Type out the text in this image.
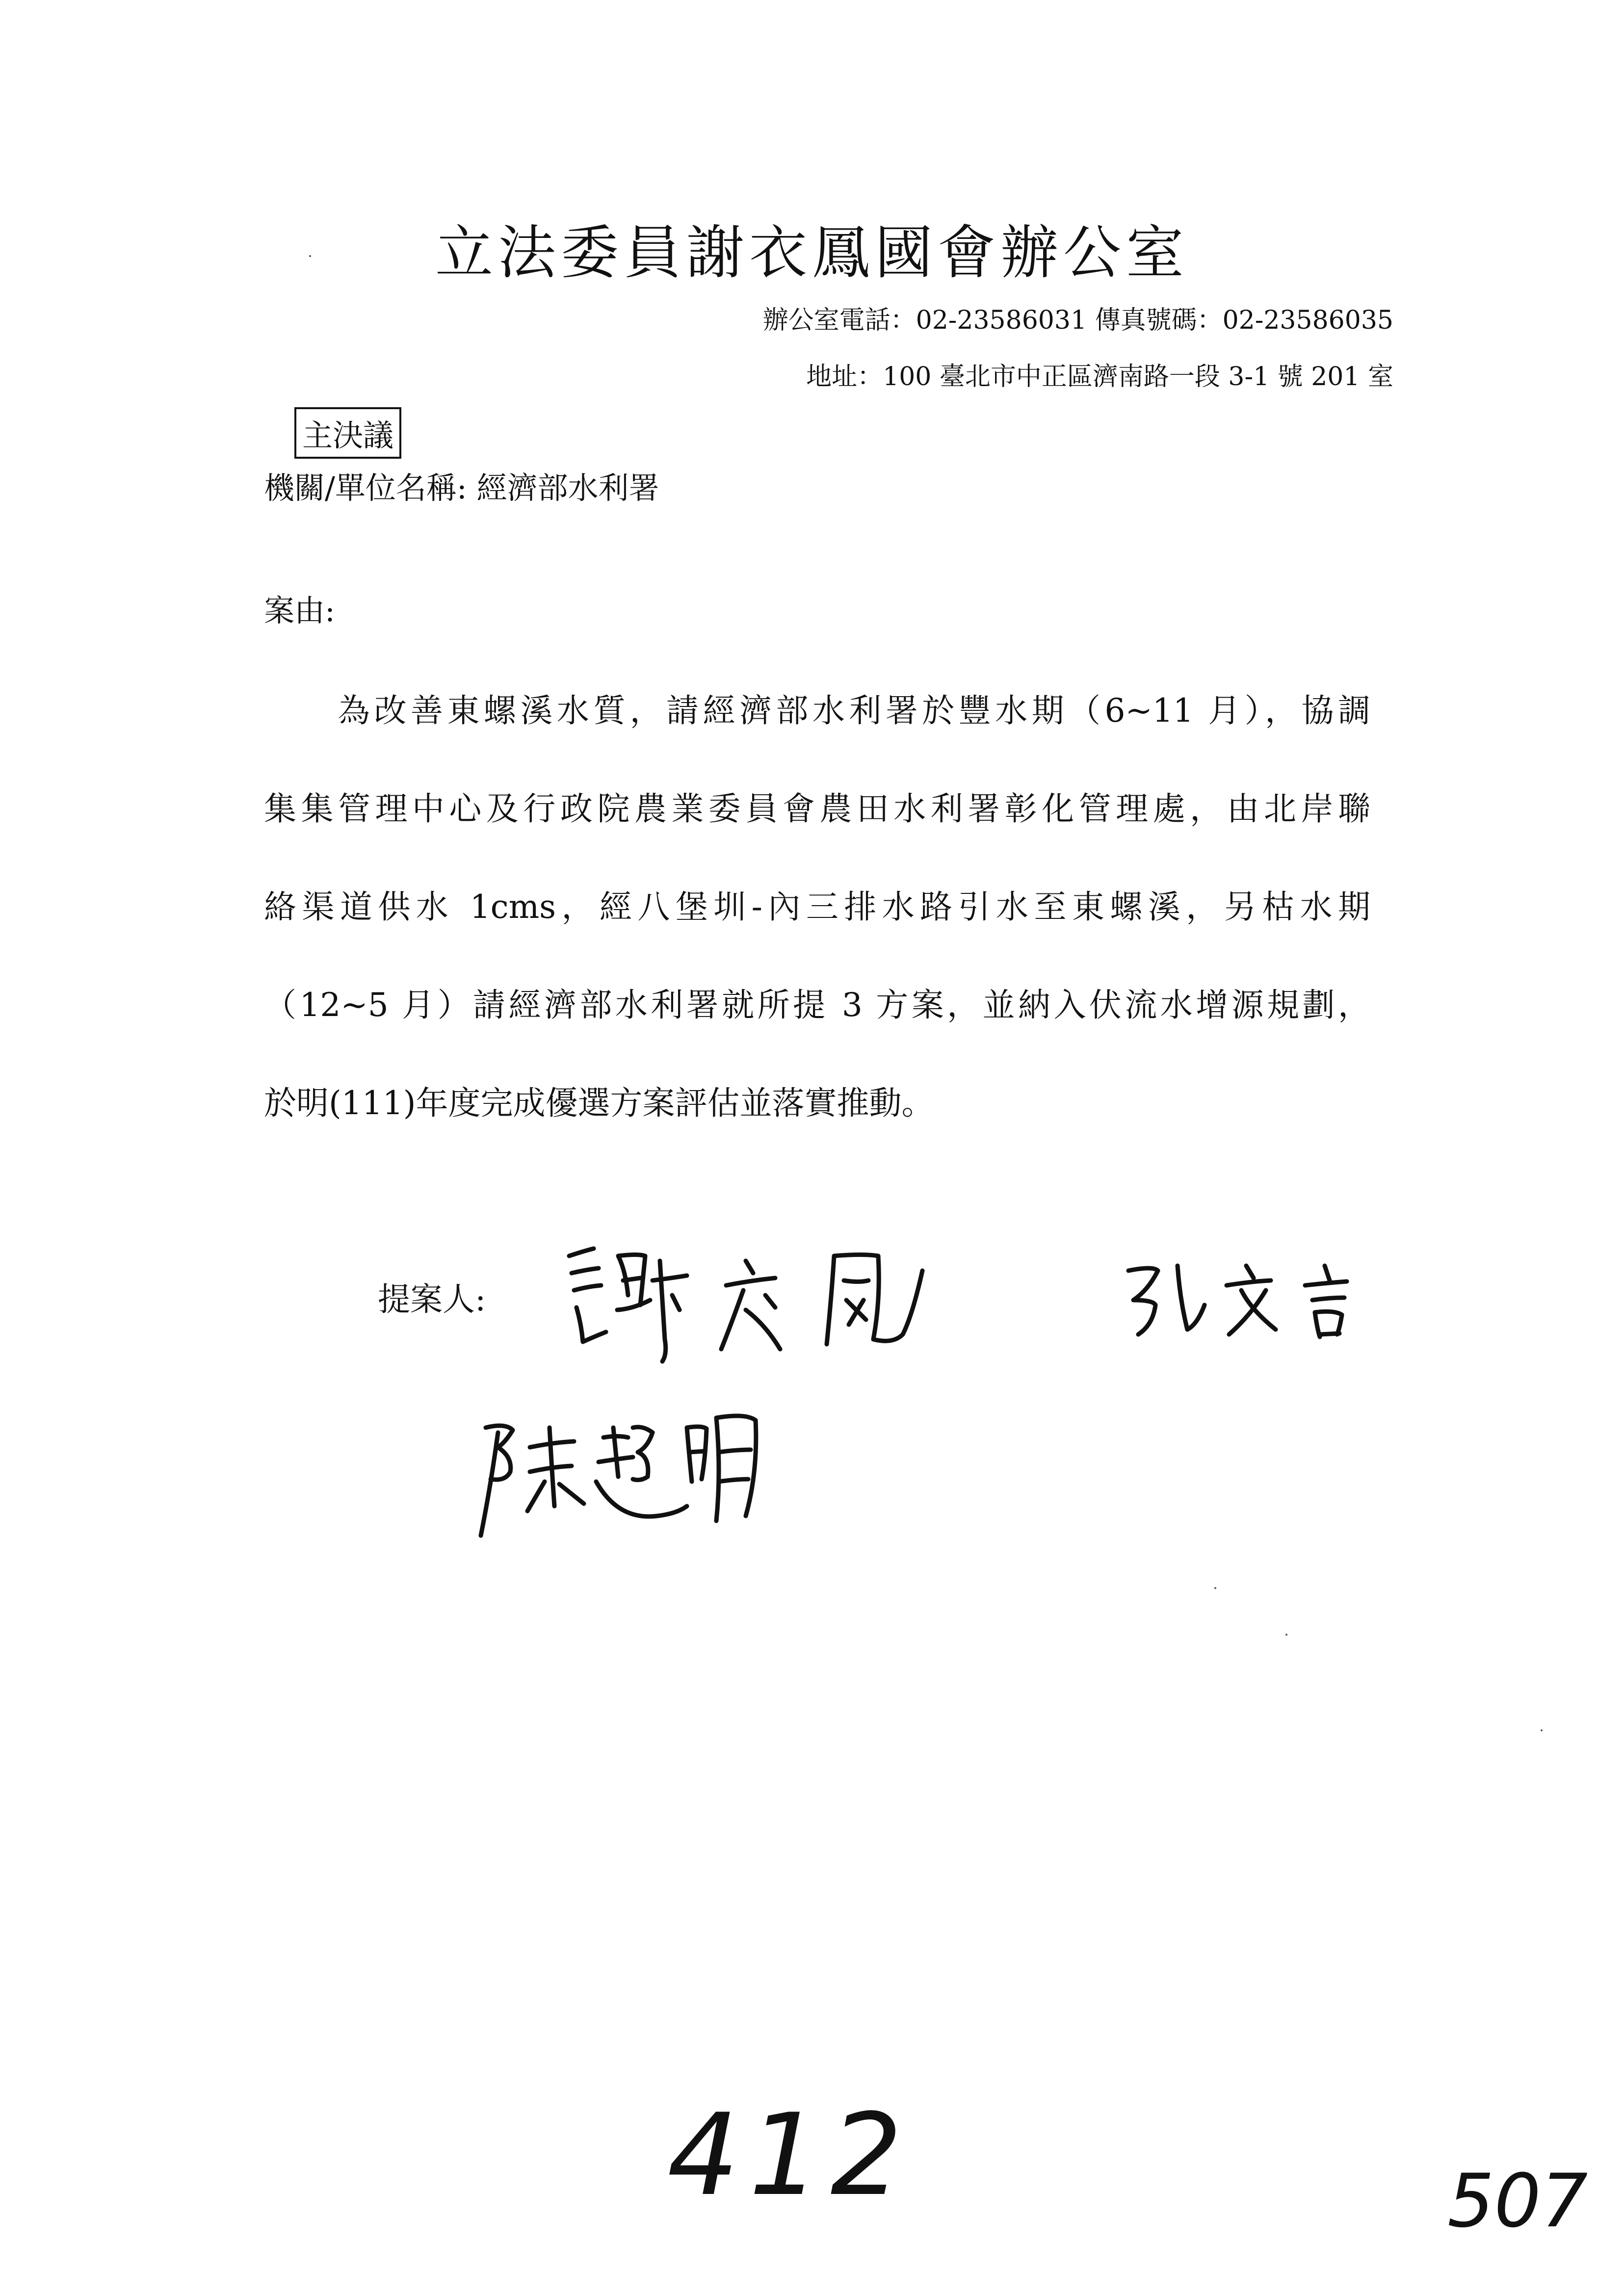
立法委員謝衣鳳國會辦公室
辦公室電話：02-23586031 傳真號碼：02-23586035
地址：100 臺北市中正區濟南路一段 3-1 號 201 室
主決議
機關/單位名稱: 經濟部水利署
案由:
為改善東螺溪水質，請經濟部水利署於豐水期（6~11 月），協調
集集管理中心及行政院農業委員會農田水利署彰化管理處，由北岸聯
絡渠道供水 1cms，經八堡圳-內三排水路引水至東螺溪，另枯水期
（12~5 月）請經濟部水利署就所提 3 方案，並納入伏流水增源規劃，
於明(111)年度完成優選方案評估並落實推動。
提案人:
412	507
